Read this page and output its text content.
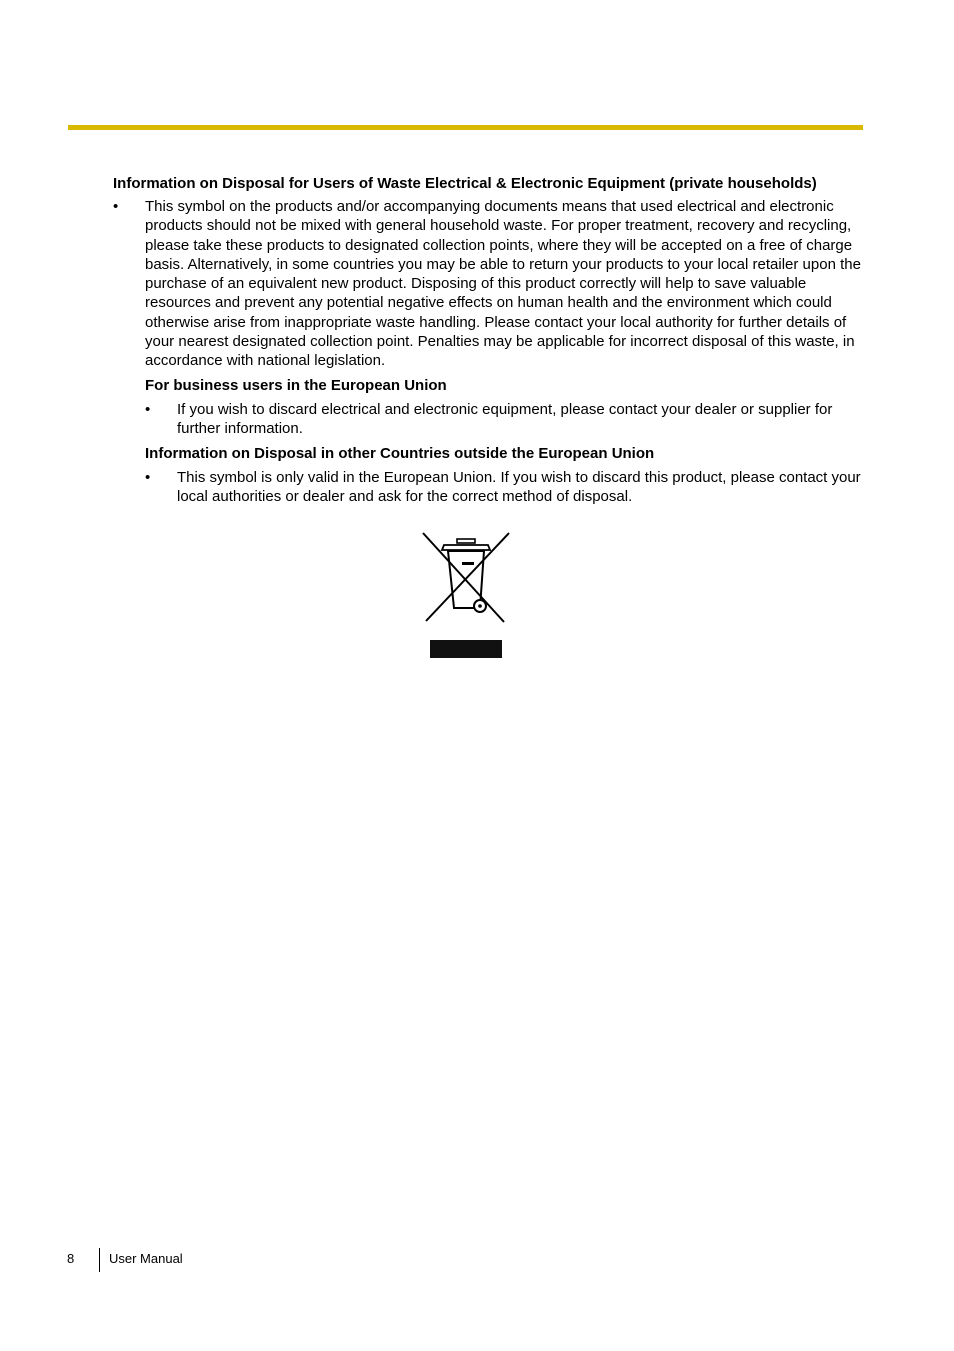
Information on Disposal for Users of Waste Electrical & Electronic Equipment (private households)
•	This symbol on the products and/or accompanying documents means that used electrical and electronic products should not be mixed with general household waste. For proper treatment, recovery and recycling, please take these products to designated collection points, where they will be accepted on a free of charge basis. Alternatively, in some countries you may be able to return your products to your local retailer upon the purchase of an equivalent new product. Disposing of this product correctly will help to save valuable resources and prevent any potential negative effects on human health and the environment which could otherwise arise from inappropriate waste handling. Please contact your local authority for further details of your nearest designated collection point. Penalties may be applicable for incorrect disposal of this waste, in accordance with national legislation.

For business users in the European Union
•	If you wish to discard electrical and electronic equipment, please contact your dealer or supplier for further information.

Information on Disposal in other Countries outside the European Union
•	This symbol is only valid in the European Union. If you wish to discard this product, please contact your local authorities or dealer and ask for the correct method of disposal.

8	User Manual
